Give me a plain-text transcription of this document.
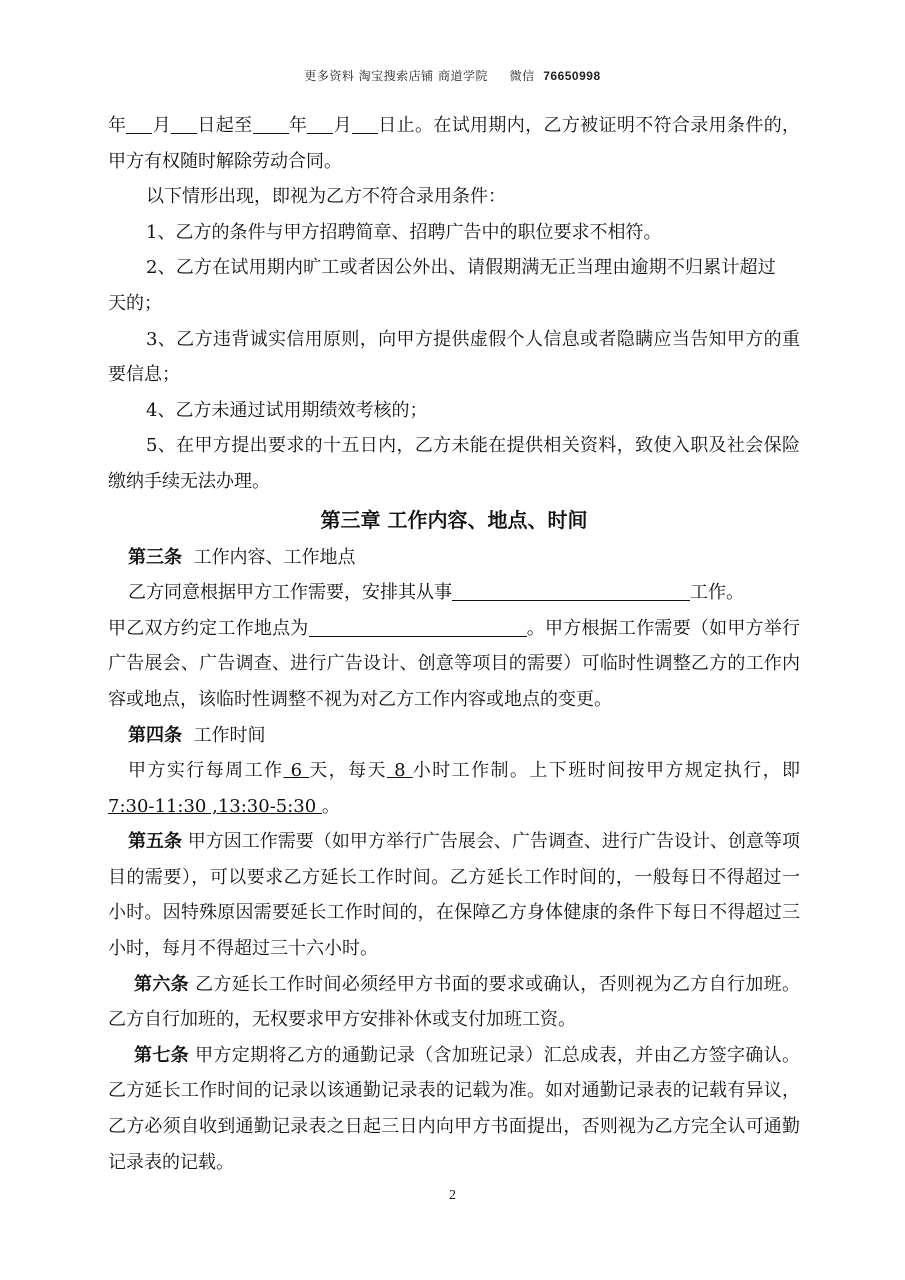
更多资料 淘宝搜索店铺 商道学院 微信 76650998

年 月 日起至 年 月 日止。在试用期内，乙方被证明不符合录用条件的，甲方有权随时解除劳动合同。

以下情形出现，即视为乙方不符合录用条件：

1、乙方的条件与甲方招聘简章、招聘广告中的职位要求不相符。

2、乙方在试用期内旷工或者因公外出、请假期满无正当理由逾期不归累计超过天的；

3、乙方违背诚实信用原则，向甲方提供虚假个人信息或者隐瞒应当告知甲方的重要信息；

4、乙方未通过试用期绩效考核的；

5、在甲方提出要求的十五日内，乙方未能在提供相关资料，致使入职及社会保险缴纳手续无法办理。

第三章 工作内容、地点、时间

第三条 工作内容、工作地点

乙方同意根据甲方工作需要，安排其从事	工作。

甲乙双方约定工作地点为	。甲方根据工作需要（如甲方举行广告展会、广告调查、进行广告设计、创意等项目的需要）可临时性调整乙方的工作内容或地点，该临时性调整不视为对乙方工作内容或地点的变更。

第四条 工作时间

甲方实行每周工作 6 天，每天 8 小时工作制。上下班时间按甲方规定执行，即 7:30-11:30 ,13:30-5:30 。

第五条 甲方因工作需要（如甲方举行广告展会、广告调查、进行广告设计、创意等项目的需要），可以要求乙方延长工作时间。乙方延长工作时间的，一般每日不得超过一小时。因特殊原因需要延长工作时间的，在保障乙方身体健康的条件下每日不得超过三小时，每月不得超过三十六小时。

第六条 乙方延长工作时间必须经甲方书面的要求或确认，否则视为乙方自行加班。乙方自行加班的，无权要求甲方安排补休或支付加班工资。

第七条 甲方定期将乙方的通勤记录（含加班记录）汇总成表，并由乙方签字确认。乙方延长工作时间的记录以该通勤记录表的记载为准。如对通勤记录表的记载有异议，乙方必须自收到通勤记录表之日起三日内向甲方书面提出，否则视为乙方完全认可通勤记录表的记载。

2
